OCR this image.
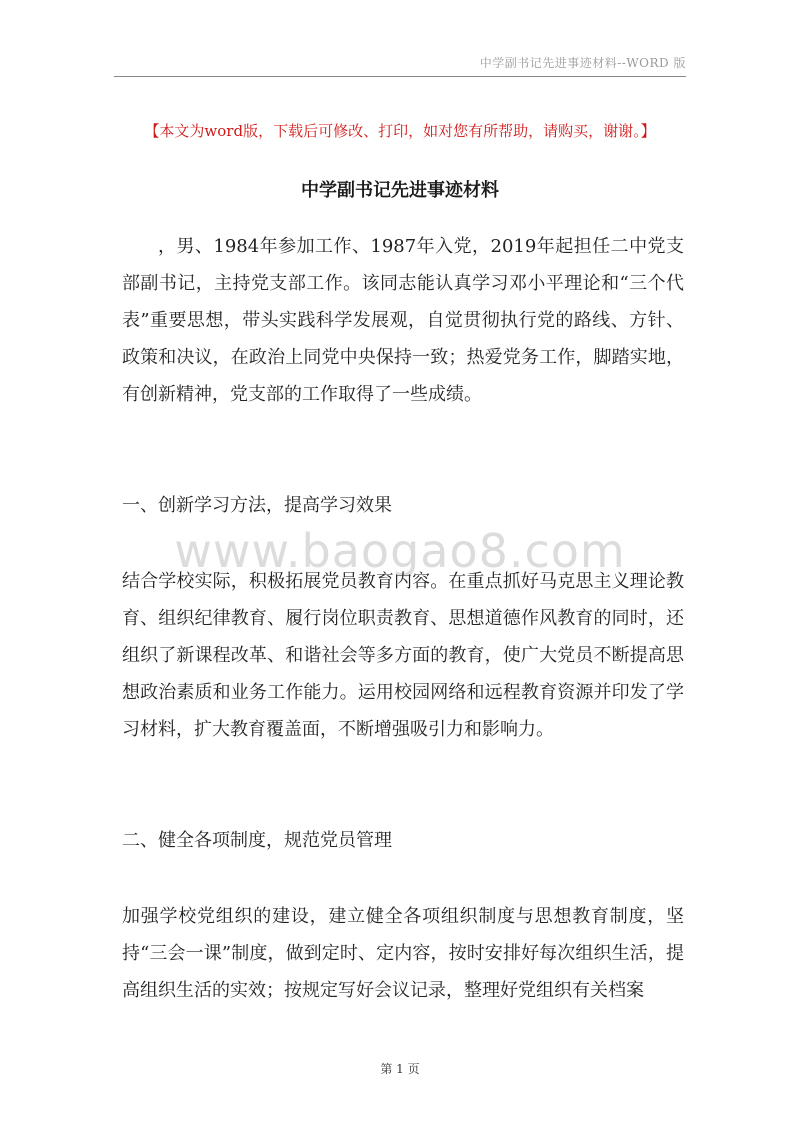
中学副书记先进事迹材料--WORD 版
【本文为word版，下载后可修改、打印，如对您有所帮助，请购买，谢谢。】
中学副书记先进事迹材料
，男、1984年参加工作、1987年入党，2019年起担任二中党支部副书记，主持党支部工作。该同志能认真学习邓小平理论和“三个代表”重要思想，带头实践科学发展观，自觉贯彻执行党的路线、方针、政策和决议，在政治上同党中央保持一致；热爱党务工作，脚踏实地，有创新精神，党支部的工作取得了一些成绩。
一、创新学习方法，提高学习效果
www.baogao8.com
结合学校实际，积极拓展党员教育内容。在重点抓好马克思主义理论教育、组织纪律教育、履行岗位职责教育、思想道德作风教育的同时，还组织了新课程改革、和谐社会等多方面的教育，使广大党员不断提高思想政治素质和业务工作能力。运用校园网络和远程教育资源并印发了学习材料，扩大教育覆盖面，不断增强吸引力和影响力。
二、健全各项制度，规范党员管理
加强学校党组织的建设，建立健全各项组织制度与思想教育制度，坚持“三会一课”制度，做到定时、定内容，按时安排好每次组织生活，提高组织生活的实效；按规定写好会议记录，整理好党组织有关档案
第 1 页
